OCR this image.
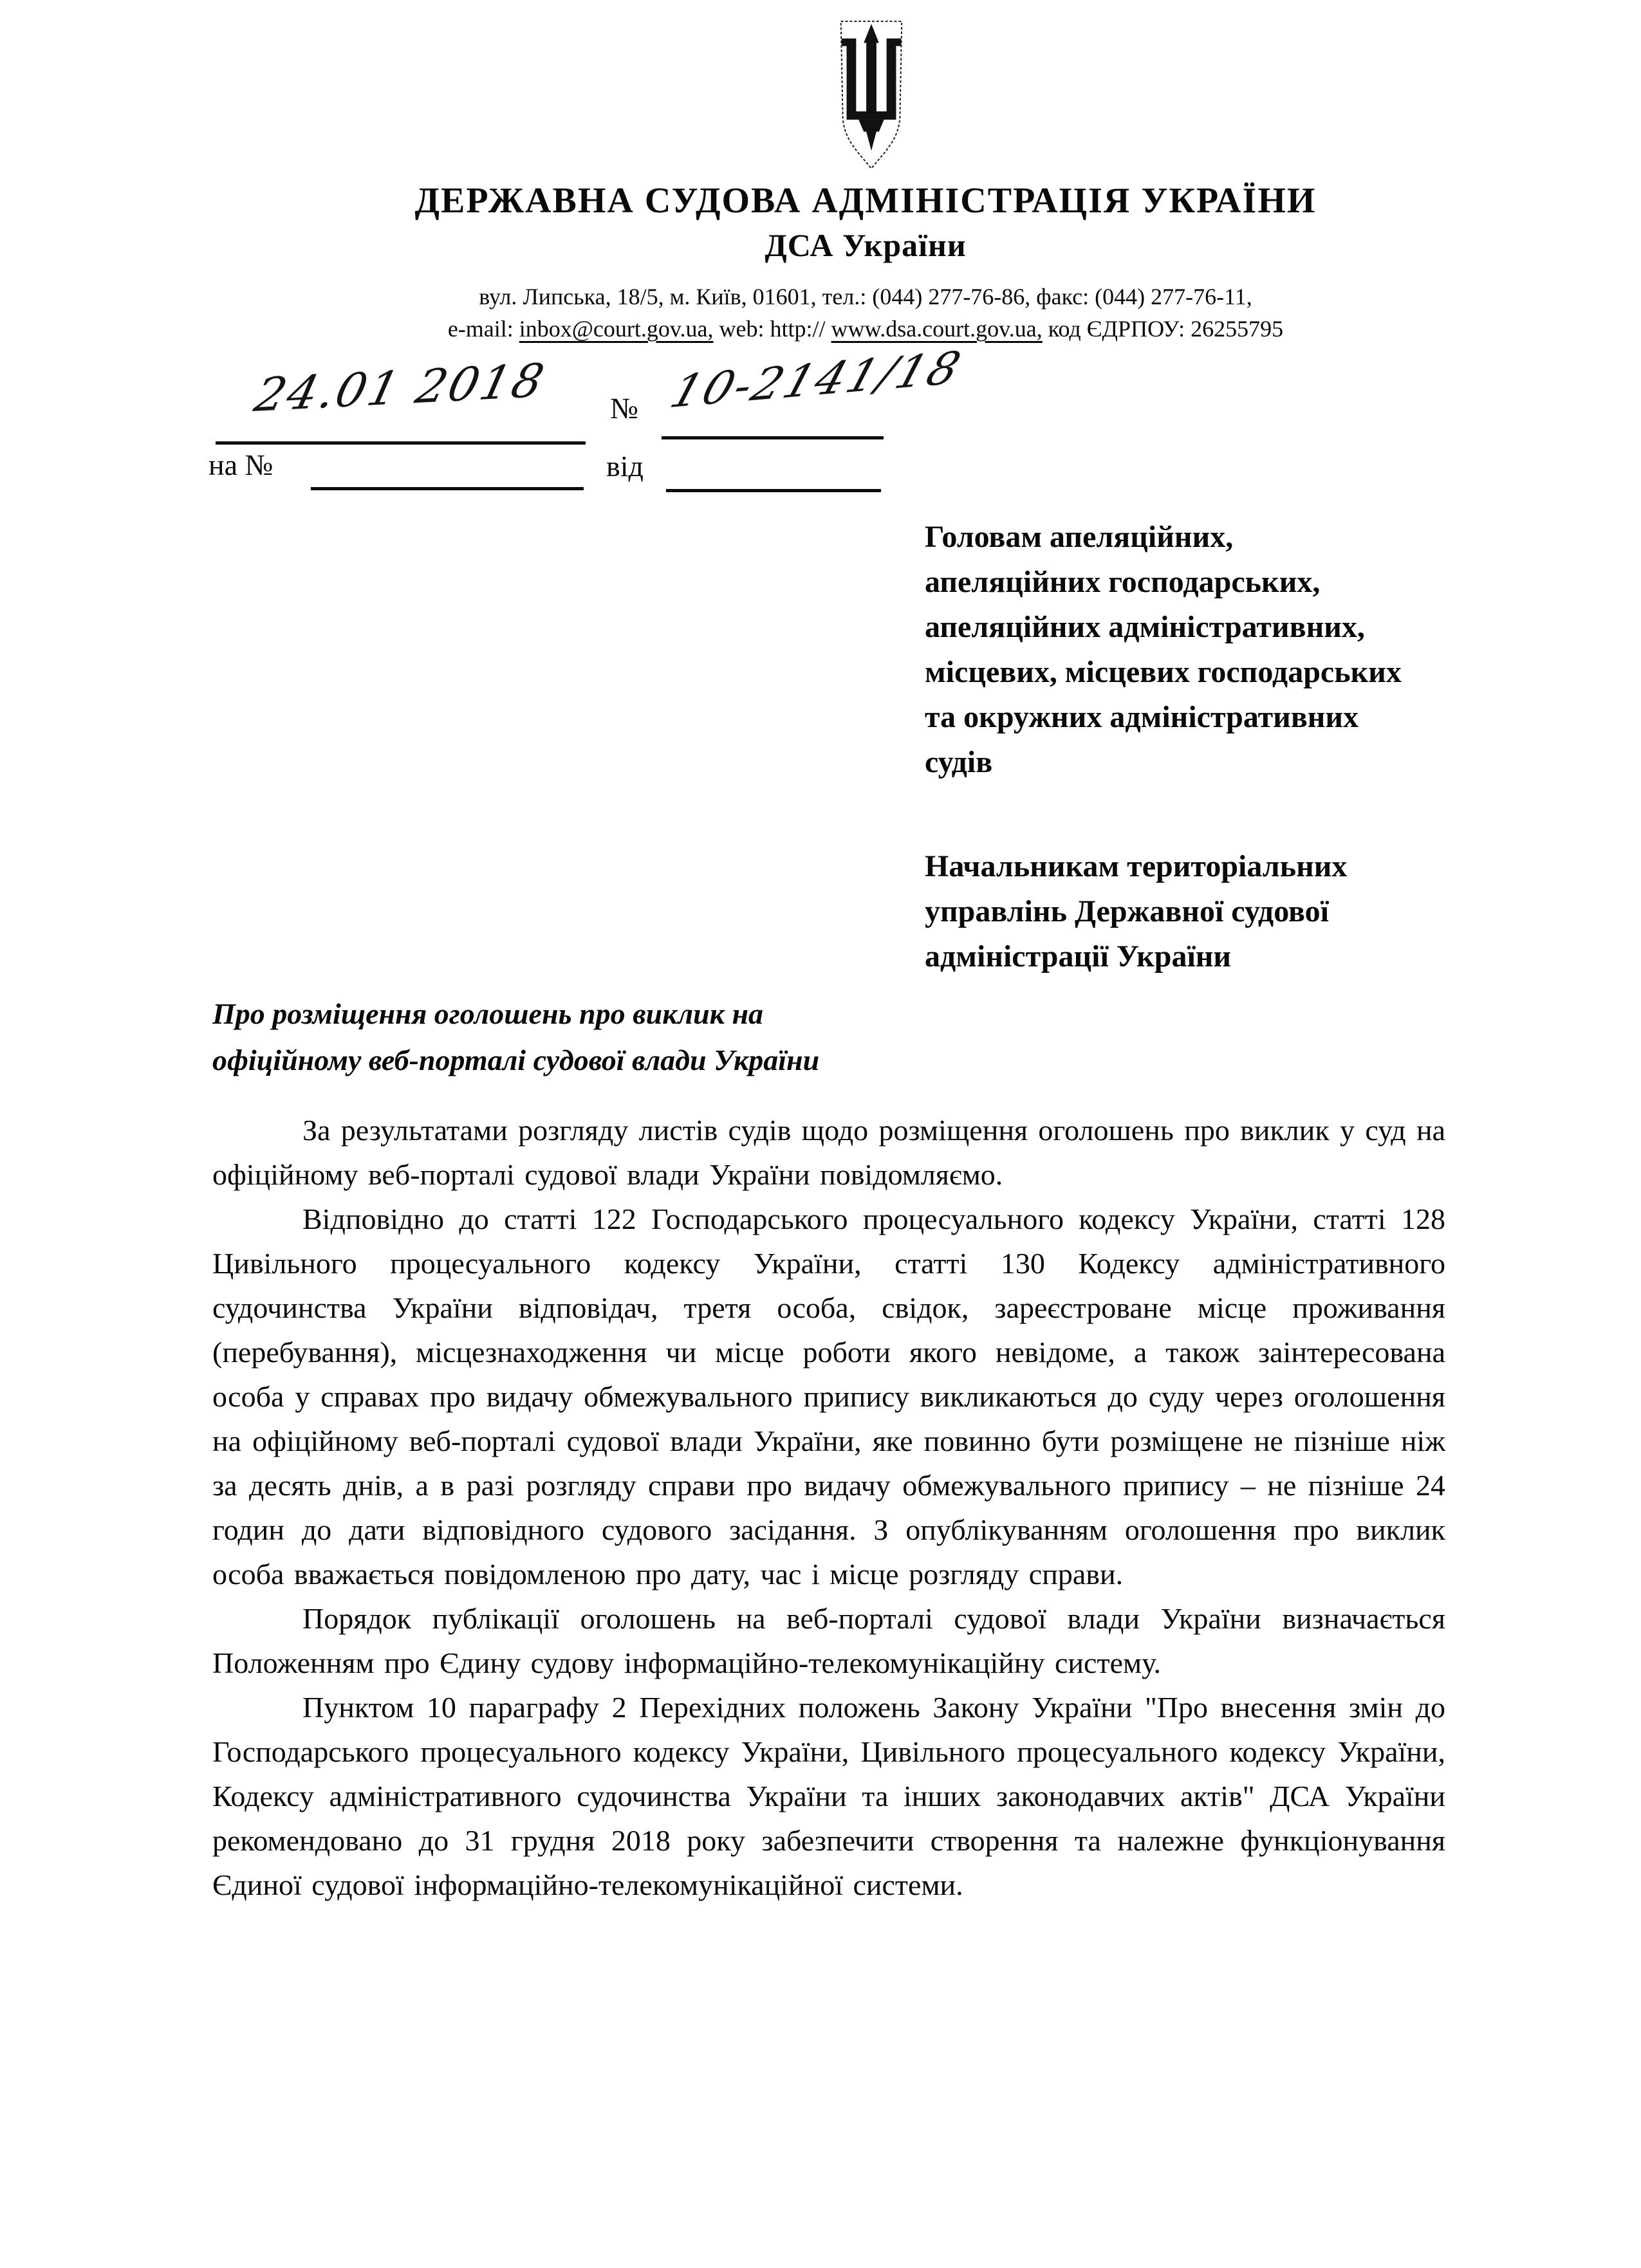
ДЕРЖАВНА СУДОВА АДМІНІСТРАЦІЯ УКРАЇНИ
ДСА України
вул. Липська, 18/5, м. Київ, 01601, тел.: (044) 277-76-86, факс: (044) 277-76-11,
e-mail: inbox@court.gov.ua, web: http:// www.dsa.court.gov.ua, код ЄДРПОУ: 26255795
24.01 2018 № 10-2141/18
на №	від
Головам апеляційних,
апеляційних господарських,
апеляційних адміністративних,
місцевих, місцевих господарських
та окружних адміністративних
судів
Начальникам територіальних
управлінь Державної судової
адміністрації України
Про розміщення оголошень про виклик на
офіційному веб-порталі судової влади України

За результатами розгляду листів судів щодо розміщення оголошень про виклик у суд на офіційному веб-порталі судової влади України повідомляємо.

Відповідно до статті 122 Господарського процесуального кодексу України, статті 128 Цивільного процесуального кодексу України, статті 130 Кодексу адміністративного судочинства України відповідач, третя особа, свідок, зареєстроване місце проживання (перебування), місцезнаходження чи місце роботи якого невідоме, а також заінтересована особа у справах про видачу обмежувального припису викликаються до суду через оголошення на офіційному веб-порталі судової влади України, яке повинно бути розміщене не пізніше ніж за десять днів, а в разі розгляду справи про видачу обмежувального припису – не пізніше 24 годин до дати відповідного судового засідання. З опублікуванням оголошення про виклик особа вважається повідомленою про дату, час і місце розгляду справи.

Порядок публікації оголошень на веб-порталі судової влади України визначається Положенням про Єдину судову інформаційно-телекомунікаційну систему.

Пунктом 10 параграфу 2 Перехідних положень Закону України "Про внесення змін до Господарського процесуального кодексу України, Цивільного процесуального кодексу України, Кодексу адміністративного судочинства України та інших законодавчих актів" ДСА України рекомендовано до 31 грудня 2018 року забезпечити створення та належне функціонування Єдиної судової інформаційно-телекомунікаційної системи.
